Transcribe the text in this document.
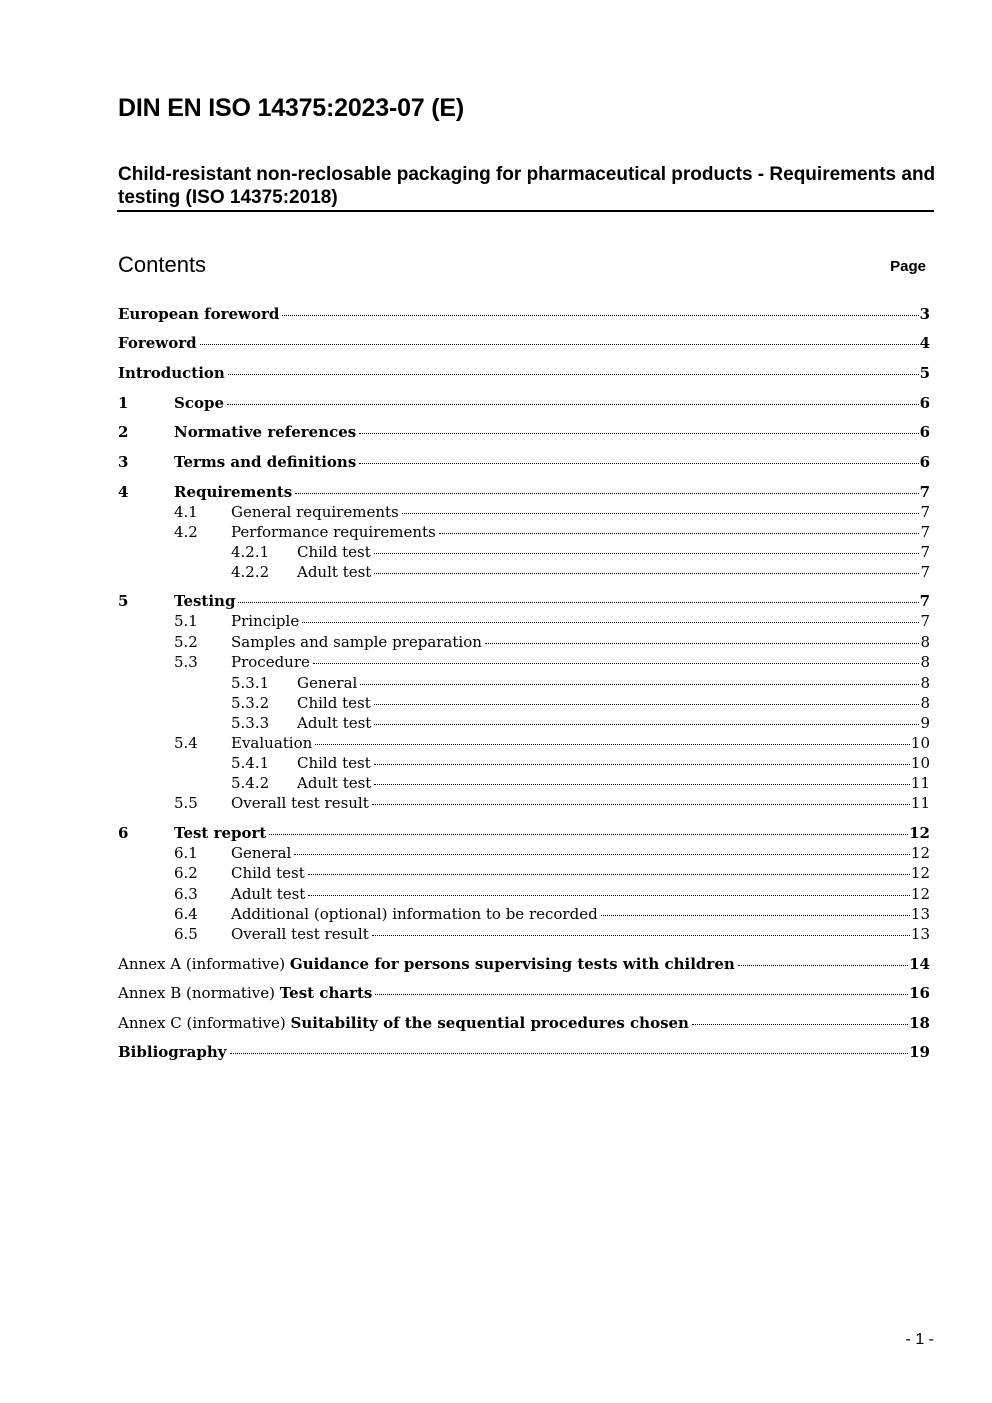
DIN EN ISO 14375:2023-07 (E)
Child-resistant non-reclosable packaging for pharmaceutical products - Requirements and testing (ISO 14375:2018)
Contents	Page
European foreword	3
Foreword	4
Introduction	5
1	Scope	6
2	Normative references	6
3	Terms and definitions	6
4	Requirements	7
4.1	General requirements	7
4.2	Performance requirements	7
4.2.1	Child test	7
4.2.2	Adult test	7
5	Testing	7
5.1	Principle	7
5.2	Samples and sample preparation	8
5.3	Procedure	8
5.3.1	General	8
5.3.2	Child test	8
5.3.3	Adult test	9
5.4	Evaluation	10
5.4.1	Child test	10
5.4.2	Adult test	11
5.5	Overall test result	11
6	Test report	12
6.1	General	12
6.2	Child test	12
6.3	Adult test	12
6.4	Additional (optional) information to be recorded	13
6.5	Overall test result	13
Annex A (informative) Guidance for persons supervising tests with children	14
Annex B (normative) Test charts	16
Annex C (informative) Suitability of the sequential procedures chosen	18
Bibliography	19
- 1 -
